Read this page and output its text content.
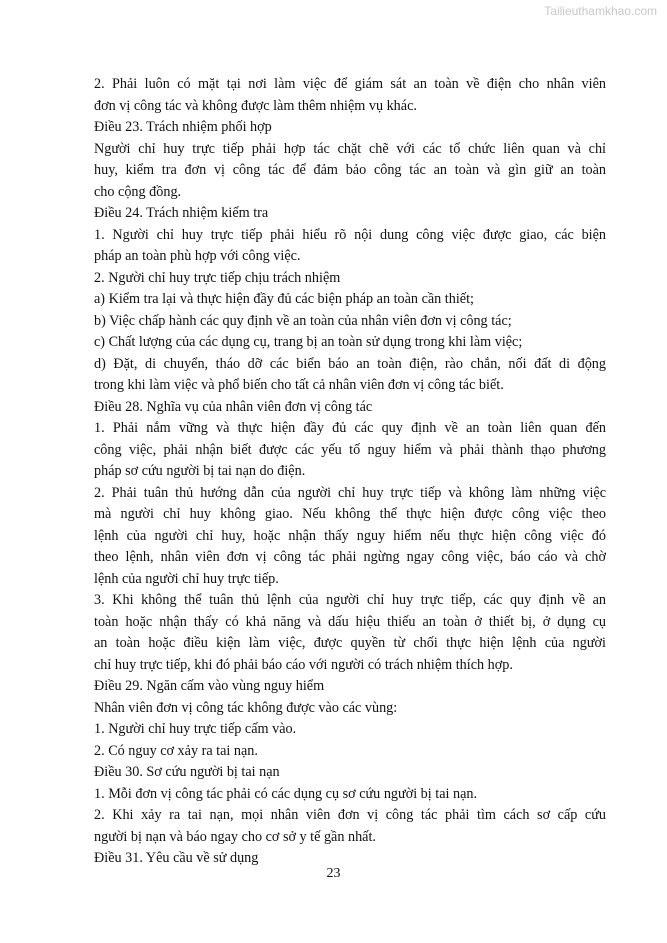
Tailieuthamkhao.com

2. Phải luôn có mặt tại nơi làm việc để giám sát an toàn về điện cho nhân viên

đơn vị công tác và không được làm thêm nhiệm vụ khác.

Điều 23. Trách nhiệm phối hợp

Người chỉ huy trực tiếp phải hợp tác chặt chẽ với các tổ chức liên quan và chỉ

huy, kiểm tra đơn vị công tác để đảm bảo công tác an toàn và gìn giữ an toàn

cho cộng đồng.

Điều 24. Trách nhiệm kiểm tra

1. Người chỉ huy trực tiếp phải hiểu rõ nội dung công việc được giao, các biện

pháp an toàn phù hợp với công việc.

2. Người chỉ huy trực tiếp chịu trách nhiệm

a) Kiểm tra lại và thực hiện đầy đủ các biện pháp an toàn cần thiết;

b) Việc chấp hành các quy định về an toàn của nhân viên đơn vị công tác;

c) Chất lượng của các dụng cụ, trang bị an toàn sử dụng trong khi làm việc;

d) Đặt, di chuyển, tháo dỡ các biển báo an toàn điện, rào chắn, nối đất di động

trong khi làm việc và phổ biến cho tất cả nhân viên đơn vị công tác biết.

Điều 28. Nghĩa vụ của nhân viên đơn vị công tác

1. Phải nắm vững và thực hiện đầy đủ các quy định về an toàn liên quan đến

công việc, phải nhận biết được các yếu tố nguy hiểm và phải thành thạo phương

pháp sơ cứu người bị tai nạn do điện.

2. Phải tuân thủ hướng dẫn của người chỉ huy trực tiếp và không làm những việc

mà người chỉ huy không giao. Nếu không thể thực hiện được công việc theo

lệnh của người chỉ huy, hoặc nhận thấy nguy hiểm nếu thực hiện công việc đó

theo lệnh, nhân viên đơn vị công tác phải ngừng ngay công việc, báo cáo và chờ

lệnh của người chỉ huy trực tiếp.

3. Khi không thể tuân thủ lệnh của người chỉ huy trực tiếp, các quy định về an

toàn hoặc nhận thấy có khả năng và dấu hiệu thiếu an toàn ở thiết bị, ở dụng cụ

an toàn hoặc điều kiện làm việc, được quyền từ chối thực hiện lệnh của người

chỉ huy trực tiếp, khi đó phải báo cáo với người có trách nhiệm thích hợp.

Điều 29. Ngăn cấm vào vùng nguy hiểm

Nhân viên đơn vị công tác không được vào các vùng:

1. Người chỉ huy trực tiếp cấm vào.

2. Có nguy cơ xảy ra tai nạn.

Điều 30. Sơ cứu người bị tai nạn

1. Mỗi đơn vị công tác phải có các dụng cụ sơ cứu người bị tai nạn.

2. Khi xảy ra tai nạn, mọi nhân viên đơn vị công tác phải tìm cách sơ cấp cứu

người bị nạn và báo ngay cho cơ sở y tế gần nhất.

Điều 31. Yêu cầu về sử dụng

23
